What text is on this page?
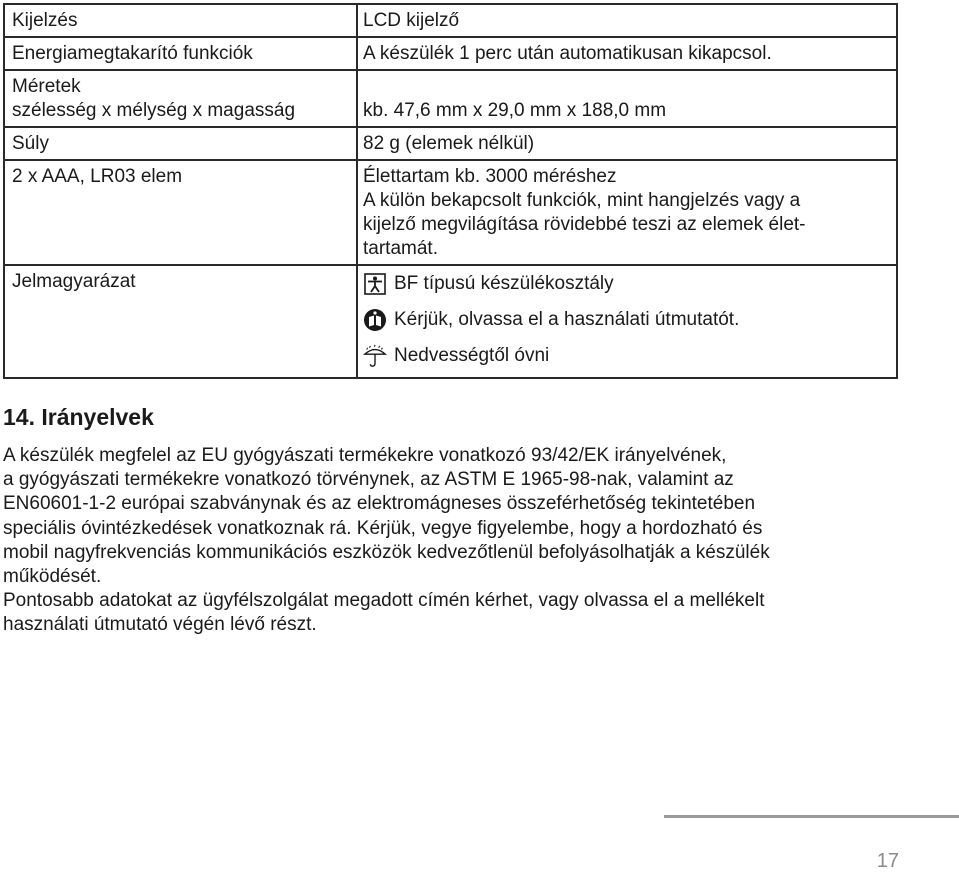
Kijelzés	LCD kijelző
Energiamegtakarító funkciók	A készülék 1 perc után automatikusan kikapcsol.

Méretek
szélesség x mélység x magasság	kb. 47,6 mm x 29,0 mm x 188,0 mm

Súly	82 g (elemek nélkül)
2 x AAA, LR03 elem	Élettartam kb. 3000 méréshez
A külön bekapcsolt funkciók, mint hangjelzés vagy a
kijelző megvilágítása rövidebbé teszi az elemek élet-
tartamát.

Jelmagyarázat	BF típusú készülékosztály
Kérjük, olvassa el a használati útmutatót.
Nedvességtől óvni
14. Irányelvek
A készülék megfelel az EU gyógyászati termékekre vonatkozó 93/42/EK irányelvének,
a gyógyászati termékekre vonatkozó törvénynek, az ASTM E 1965-98-nak, valamint az
EN60601-1-2 európai szabványnak és az elektromágneses összeférhetőség tekintetében
speciális óvintézkedések vonatkoznak rá. Kérjük, vegye figyelembe, hogy a hordozható és
mobil nagyfrekvenciás kommunikációs eszközök kedvezőtlenül befolyásolhatják a készülék
működését.
Pontosabb adatokat az ügyfélszolgálat megadott címén kérhet, vagy olvassa el a mellékelt
használati útmutató végén lévő részt.
17
